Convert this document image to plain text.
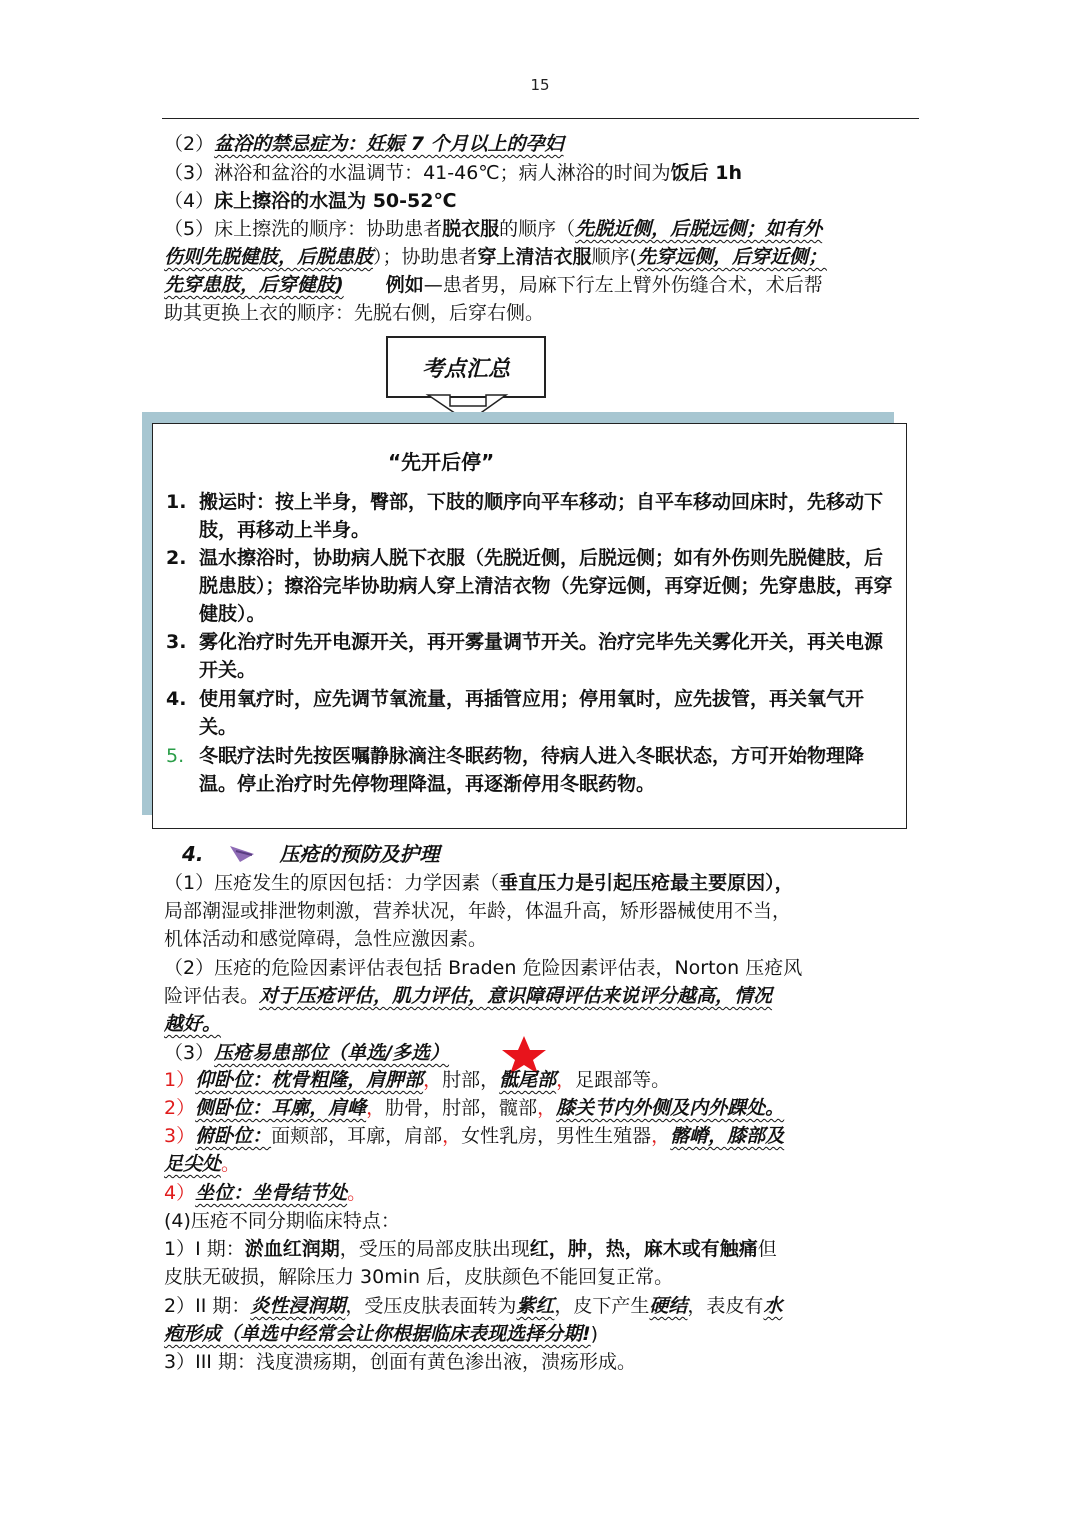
15
（2）盆浴的禁忌症为：妊娠 7 个月以上的孕妇
（3）淋浴和盆浴的水温调节：41-46℃；病人淋浴的时间为饭后 1h
（4）床上擦浴的水温为 50-52℃
（5）床上擦洗的顺序：协助患者脱衣服的顺序（先脱近侧，后脱远侧；如有外
伤则先脱健肢，后脱患肢）；协助患者穿上清洁衣服顺序(先穿远侧，后穿近侧；
先穿患肢，后穿健肢) 例如—患者男，局麻下行左上臂外伤缝合术，术后帮
助其更换上衣的顺序：先脱右侧，后穿右侧。
考点汇总
“先开后停”
1. 搬运时：按上半身，臀部，下肢的顺序向平车移动；自平车移动回床时，先移动下肢，再移动上半身。
2. 温水擦浴时，协助病人脱下衣服（先脱近侧，后脱远侧；如有外伤则先脱健肢，后脱患肢）；擦浴完毕协助病人穿上清洁衣物（先穿远侧，再穿近侧；先穿患肢，再穿健肢）。
3. 雾化治疗时先开电源开关，再开雾量调节开关。治疗完毕先关雾化开关，再关电源开关。
4. 使用氧疗时，应先调节氧流量，再插管应用；停用氧时，应先拔管，再关氧气开关。
5. 冬眠疗法时先按医嘱静脉滴注冬眠药物，待病人进入冬眠状态，方可开始物理降温。停止治疗时先停物理降温，再逐渐停用冬眠药物。
4.	压疮的预防及护理
（1）压疮发生的原因包括：力学因素（垂直压力是引起压疮最主要原因），
局部潮湿或排泄物刺激，营养状况，年龄，体温升高，矫形器械使用不当，
机体活动和感觉障碍，急性应激因素。
（2）压疮的危险因素评估表包括 Braden 危险因素评估表，Norton 压疮风
险评估表。对于压疮评估，肌力评估，意识障碍评估来说评分越高，情况
越好。
（3）压疮易患部位（单选/多选）
1）仰卧位：枕骨粗隆，肩胛部，肘部，骶尾部，足跟部等。
2）侧卧位：耳廓，肩峰，肋骨，肘部，髋部，膝关节内外侧及内外踝处。
3）俯卧位：面颊部，耳廓，肩部，女性乳房，男性生殖器，髂嵴，膝部及
足尖处。
4）坐位：坐骨结节处。
(4)压疮不同分期临床特点：
1）I 期：淤血红润期，受压的局部皮肤出现红，肿，热，麻木或有触痛但
皮肤无破损，解除压力 30min 后，皮肤颜色不能回复正常。
2）II 期：炎性浸润期，受压皮肤表面转为紫红，皮下产生硬结，表皮有水
疱形成（单选中经常会让你根据临床表现选择分期!)
3）III 期：浅度溃疡期，创面有黄色渗出液，溃疡形成。
